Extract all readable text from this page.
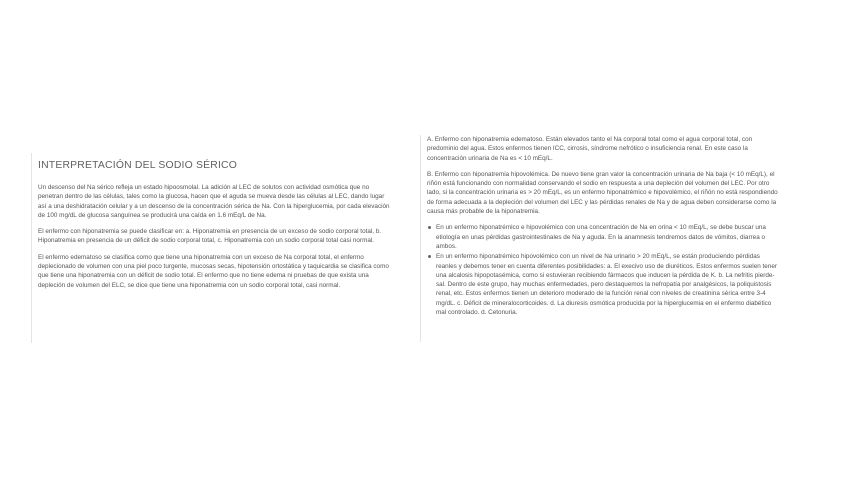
INTERPRETACIÓN DEL SODIO SÉRICO

Un descenso del Na sérico refleja un estado hipoosmolal. La adición al LEC de solutos con actividad osmótica que no penetran dentro de las células, tales como la glucosa, hacen que el aguda se mueva desde las células al LEC, dando lugar así a una deshidratación celular y a un descenso de la concentración sérica de Na. Con la hiperglucemia, por cada elevación de 100 mg/dL de glucosa sanguínea se producirá una caída en 1.6 mEq/L de Na.

El enfermo con hiponatremia se puede clasificar en: a. Hiponatremia en presencia de un exceso de sodio corporal total, b. Hiponatremia en presencia de un déficit de sodio corporal total, c. Hiponatremia con un sodio corporal total casi normal.

El enfermo edematoso se clasifica como que tiene una hiponatremia con un exceso de Na corporal total, el enfermo deplecionado de volumen con una piel poco turgente, mucosas secas, hipotensión ortostática y taquicardia se clasifica como que tiene una hiponatremia con un déficit de sodio total. El enfermo que no tiene edema ni pruebas de que exista una depleción de volumen del ELC, se dice que tiene una hiponatremia con un sodio corporal total, casi normal.

A. Enfermo con hiponatremia edematoso. Están elevados tanto el Na corporal total como el agua corporal total, con predominio del agua. Estos enfermos tienen ICC, cirrosis, síndrome nefrótico o insuficiencia renal. En este caso la concentración urinaria de Na es < 10 mEq/L.

B. Enfermo con hiponatremia hipovolémica. De nuevo tiene gran valor la concentración urinaria de Na baja (< 10 mEq/L), el riñón está funcionando con normalidad conservando el sodio en respuesta a una depleción del volumen del LEC. Por otro lado, si la concentración urinaria es > 20 mEq/L, es un enfermo hiponatrémico e hipovolémico, el riñón no está respondiendo de forma adecuada a la depleción del volumen del LEC y las pérdidas renales de Na y de agua deben considerarse como la causa más probable de la hiponatremia.

En un enfermo hiponatrémico e hipovolémico con una concentración de Na en orina < 10 mEq/L, se debe buscar una etiología en unas pérdidas gastrointestinales de Na y aguda. En la anamnesis tendremos datos de vómitos, diarrea o ambos.
En un enfermo hiponatrémico hipovolémico con un nivel de Na urinario > 20 mEq/L, se están produciendo pérdidas reanles y debemos tener en cuenta diferentes posibilidades: a. El execivo uso de diuréticos. Estos enfermos suelen tener una alcalosis hipopotasémica, como si estuvieran recibiendo fármacos que inducen la pérdida de K. b. La nefritis pierde-sal. Dentro de este grupo, hay muchas enfermedades, pero destaquemos la nefropatía por analgésicos, la poliquistosis renal, etc. Estos enfermos tienen un deterioro moderado de la función renal con niveles de creatinina sérica entre 3-4 mg/dL. c. Déficit de mineralocorticoides. d. La diuresis osmótica producida por la hiperglucemia en el enfermo diabético mal controlado. d. Cetonuria.
